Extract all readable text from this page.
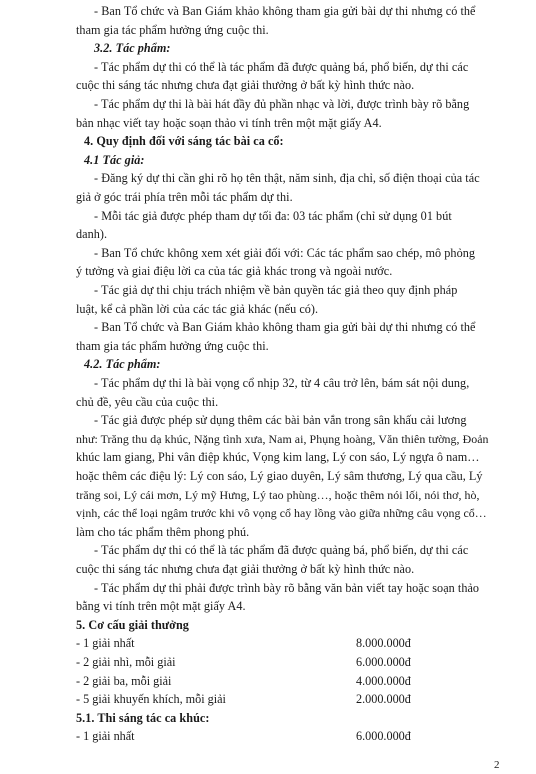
- Ban Tổ chức và Ban Giám khảo không tham gia gửi bài dự thi nhưng có thể
tham gia tác phẩm hưởng ứng cuộc thi.
3.2. Tác phẩm:
- Tác phẩm dự thi có thể là tác phẩm đã được quảng bá, phổ biến, dự thi các
cuộc thi sáng tác nhưng chưa đạt giải thưởng ở bất kỳ hình thức nào.
- Tác phẩm dự thi là bài hát đầy đủ phần nhạc và lời, được trình bày rõ bằng
bản nhạc viết tay hoặc soạn thảo vi tính trên một mặt giấy A4.
4. Quy định đối với sáng tác bài ca cổ:
4.1 Tác giả:
- Đăng ký dự thi cần ghi rõ họ tên thật, năm sinh, địa chỉ, số điện thoại của tác
giả ở góc trái phía trên mỗi tác phẩm dự thi.
- Mỗi tác giả được phép tham dự tối đa: 03 tác phẩm (chỉ sử dụng 01 bút
danh).
- Ban Tổ chức không xem xét giải đối với: Các tác phẩm sao chép, mô phỏng
ý tưởng và giai điệu lời ca của tác giả khác trong và ngoài nước.
- Tác giả dự thi chịu trách nhiệm về bản quyền tác giả theo quy định pháp
luật, kể cả phần lời của các tác giả khác (nếu có).
- Ban Tổ chức và Ban Giám khảo không tham gia gửi bài dự thi nhưng có thể
tham gia tác phẩm hưởng ứng cuộc thi.
4.2. Tác phẩm:
- Tác phẩm dự thi là bài vọng cổ nhịp 32, từ 4 câu trở lên, bám sát nội dung,
chủ đề, yêu cầu của cuộc thi.
- Tác giả được phép sử dụng thêm các bài bản vắn trong sân khấu cải lương
như: Trăng thu dạ khúc, Nặng tình xưa, Nam ai, Phụng hoàng, Văn thiên tường, Đoản
khúc lam giang, Phi vân điệp khúc, Vọng kim lang, Lý con sáo, Lý ngựa ô nam…
hoặc thêm các điệu lý: Lý con sáo, Lý giao duyên, Lý sâm thương, Lý qua cầu, Lý
trăng soi, Lý cái mơn, Lý mỹ Hưng, Lý tao phùng…, hoặc thêm nói lối, nói thơ, hò,
vịnh, các thể loại ngâm trước khi vô vọng cổ hay lồng vào giữa những câu vọng cổ…
làm cho tác phẩm thêm phong phú.
- Tác phẩm dự thi có thể là tác phẩm đã được quảng bá, phổ biến, dự thi các
cuộc thi sáng tác nhưng chưa đạt giải thưởng ở bất kỳ hình thức nào.
- Tác phẩm dự thi phải được trình bày rõ bằng văn bản viết tay hoặc soạn thảo
bằng vi tính trên một mặt giấy A4.
5. Cơ cấu giải thưởng
5.1. Thi sáng tác ca khúc:
- 1 giải nhất	8.000.000đ
- 2 giải nhì, mỗi giải	6.000.000đ
- 2 giải ba, mỗi giải	4.000.000đ
- 5 giải khuyến khích, mỗi giải	2.000.000đ
- 1 giải nhất	6.000.000đ
2
